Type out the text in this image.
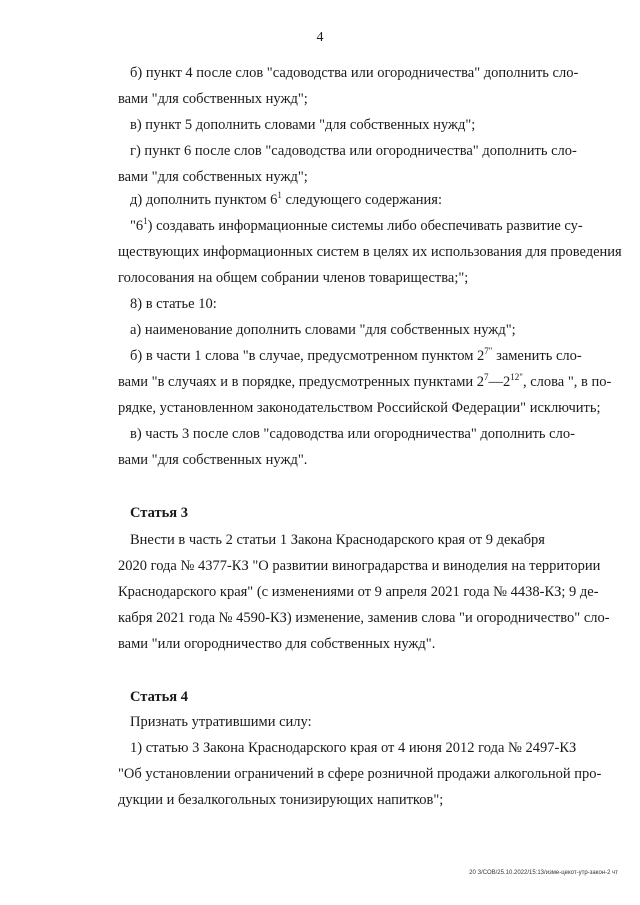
4
б) пункт 4 после слов "садоводства или огородничества" дополнить сло-
вами "для собственных нужд";
в) пункт 5 дополнить словами "для собственных нужд";
г) пункт 6 после слов "садоводства или огородничества" дополнить сло-
вами "для собственных нужд";
д) дополнить пунктом $6^1$ следующего содержания:
"$6^1$) создавать информационные системы либо обеспечивать развитие су-
ществующих информационных систем в целях их использования для проведения
голосования на общем собрании членов товарищества;";
8) в статье 10:
а) наименование дополнить словами "для собственных нужд";
б) в части 1 слова "в случае, предусмотренном пунктом $2^{7"}$ заменить сло-
вами "в случаях и в порядке, предусмотренных пунктами $2^7—2^{12"}$, слова ", в по-
рядке, установленном законодательством Российской Федерации" исключить;
в) часть 3 после слов "садоводства или огородничества" дополнить сло-
вами "для собственных нужд".
Статья 3
Внести в часть 2 статьи 1 Закона Краснодарского края от 9 декабря
2020 года № 4377-КЗ "О развитии виноградарства и виноделия на территории
Краснодарского края" (с изменениями от 9 апреля 2021 года № 4438-КЗ; 9 де-
кабря 2021 года № 4590-КЗ) изменение, заменив слова "и огородничество" сло-
вами "или огородничество для собственных нужд".
Статья 4
Признать утратившими силу:
1) статью 3 Закона Краснодарского края от 4 июня 2012 года № 2497-КЗ
"Об установлении ограничений в сфере розничной продажи алкогольной про-
дукции и безалкогольных тонизирующих напитков";
20 З/СОВ/25.10.2022/15:13/изме-цекот-утр-закон-2 чт
